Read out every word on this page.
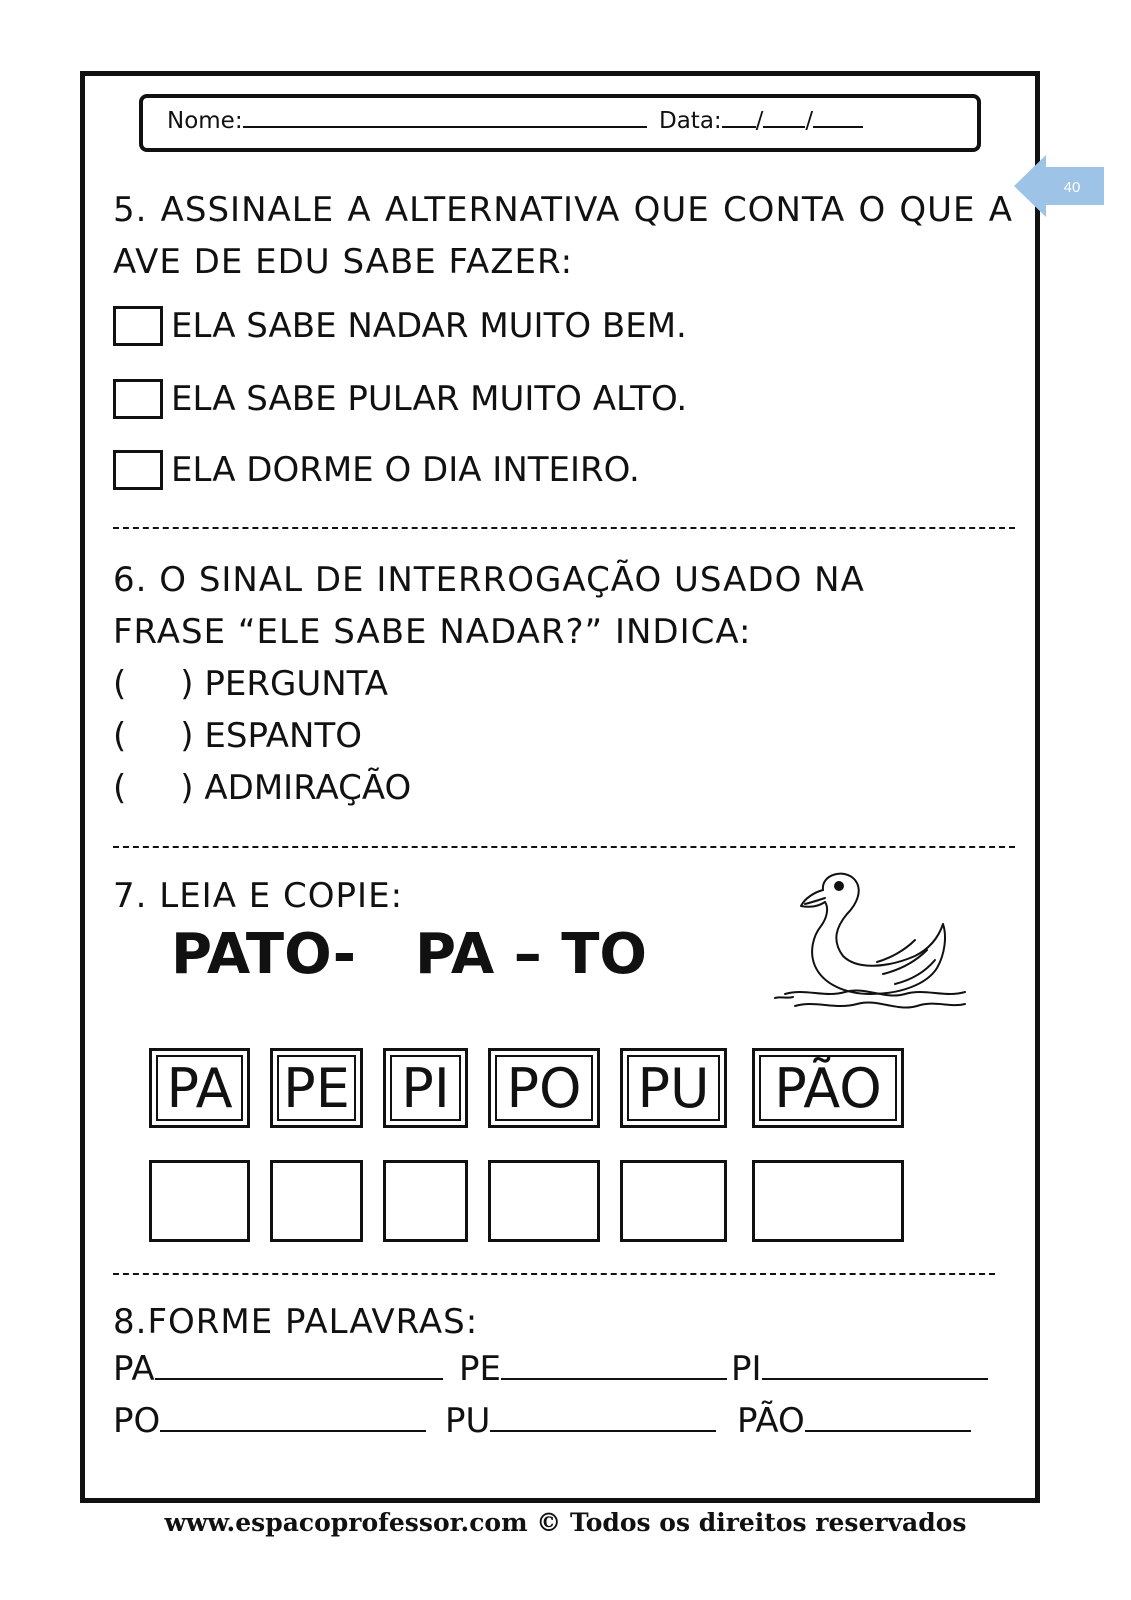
Nome:	Data: / /
5. ASSINALE A ALTERNATIVA QUE CONTA O QUE A AVE DE EDU SABE FAZER:
ELA SABE NADAR MUITO BEM.
ELA SABE PULAR MUITO ALTO.
ELA DORME O DIA INTEIRO.
6. O SINAL DE INTERROGAÇÃO USADO NA
FRASE “ELE SABE NADAR?” INDICA:
(     ) PERGUNTA
(     ) ESPANTO
(     ) ADMIRAÇÃO
7. LEIA E COPIE:
PATO- PA – TO
PA PE PI PO PU PÃO
8.FORME PALAVRAS:
PA	PE	PI
PO	PU	PÃO
40
www.espacoprofessor.com © Todos os direitos reservados
